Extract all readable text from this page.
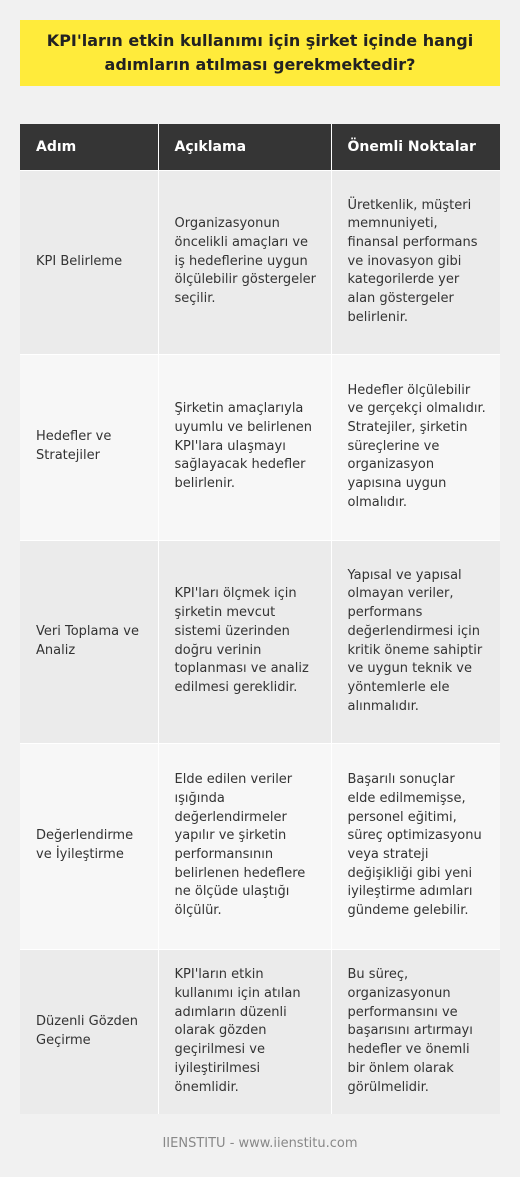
KPI'ların etkin kullanımı için şirket içinde hangi adımların atılması gerekmektedir?
Adım	Açıklama	Önemli Noktalar
KPI Belirleme	Organizasyonun öncelikli amaçları ve iş hedeflerine uygun ölçülebilir göstergeler seçilir.	Üretkenlik, müşteri memnuniyeti, finansal performans ve inovasyon gibi kategorilerde yer alan göstergeler belirlenir.
Hedefler ve Stratejiler	Şirketin amaçlarıyla uyumlu ve belirlenen KPI'lara ulaşmayı sağlayacak hedefler belirlenir.	Hedefler ölçülebilir ve gerçekçi olmalıdır. Stratejiler, şirketin süreçlerine ve organizasyon yapısına uygun olmalıdır.
Veri Toplama ve Analiz	KPI'ları ölçmek için şirketin mevcut sistemi üzerinden doğru verinin toplanması ve analiz edilmesi gereklidir.	Yapısal ve yapısal olmayan veriler, performans değerlendirmesi için kritik öneme sahiptir ve uygun teknik ve yöntemlerle ele alınmalıdır.
Değerlendirme ve İyileştirme	Elde edilen veriler ışığında değerlendirmeler yapılır ve şirketin performansının belirlenen hedeflere ne ölçüde ulaştığı ölçülür.	Başarılı sonuçlar elde edilmemişse, personel eğitimi, süreç optimizasyonu veya strateji değişikliği gibi yeni iyileştirme adımları gündeme gelebilir.
Düzenli Gözden Geçirme	KPI'ların etkin kullanımı için atılan adımların düzenli olarak gözden geçirilmesi ve iyileştirilmesi önemlidir.	Bu süreç, organizasyonun performansını ve başarısını artırmayı hedefler ve önemli bir önlem olarak görülmelidir.
IIENSTITU - www.iienstitu.com
